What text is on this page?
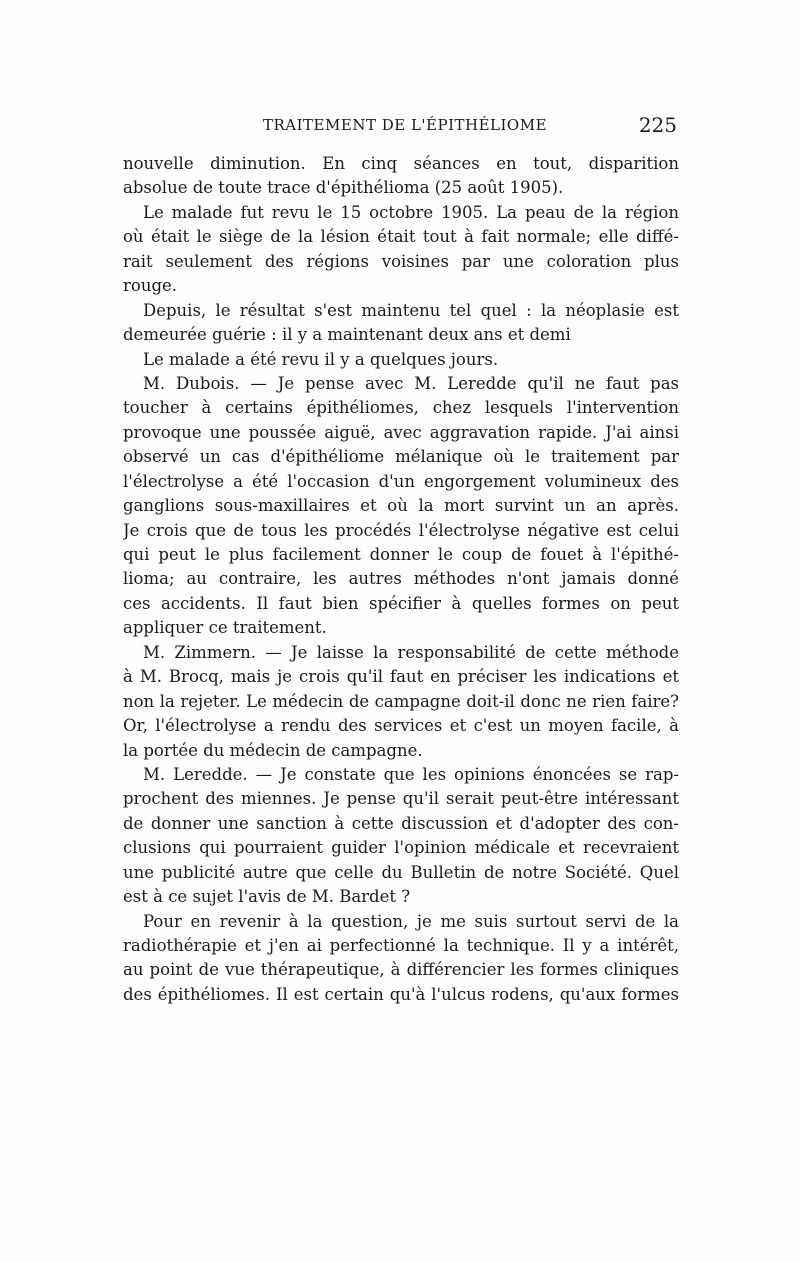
TRAITEMENT DE L'ÉPITHÉLIOME	225
nouvelle diminution. En cinq séances en tout, disparition
absolue de toute trace d'épithélioma (25 août 1905).
Le malade fut revu le 15 octobre 1905. La peau de la région
où était le siège de la lésion était tout à fait normale; elle diffé-
rait seulement des régions voisines par une coloration plus
rouge.
Depuis, le résultat s'est maintenu tel quel : la néoplasie est
demeurée guérie : il y a maintenant deux ans et demi
Le malade a été revu il y a quelques jours.
M. Dubois. — Je pense avec M. Leredde qu'il ne faut pas
toucher à certains épithéliomes, chez lesquels l'intervention
provoque une poussée aiguë, avec aggravation rapide. J'ai ainsi
observé un cas d'épithéliome mélanique où le traitement par
l'électrolyse a été l'occasion d'un engorgement volumineux des
ganglions sous-maxillaires et où la mort survint un an après.
Je crois que de tous les procédés l'électrolyse négative est celui
qui peut le plus facilement donner le coup de fouet à l'épithé-
lioma; au contraire, les autres méthodes n'ont jamais donné
ces accidents. Il faut bien spécifier à quelles formes on peut
appliquer ce traitement.
M. Zimmern. — Je laisse la responsabilité de cette méthode
à M. Brocq, mais je crois qu'il faut en préciser les indications et
non la rejeter. Le médecin de campagne doit-il donc ne rien faire?
Or, l'électrolyse a rendu des services et c'est un moyen facile, à
la portée du médecin de campagne.
M. Leredde. — Je constate que les opinions énoncées se rap-
prochent des miennes. Je pense qu'il serait peut-être intéressant
de donner une sanction à cette discussion et d'adopter des con-
clusions qui pourraient guider l'opinion médicale et recevraient
une publicité autre que celle du Bulletin de notre Société. Quel
est à ce sujet l'avis de M. Bardet ?
Pour en revenir à la question, je me suis surtout servi de la
radiothérapie et j'en ai perfectionné la technique. Il y a intérêt,
au point de vue thérapeutique, à différencier les formes cliniques
des épithéliomes. Il est certain qu'à l'ulcus rodens, qu'aux formes
